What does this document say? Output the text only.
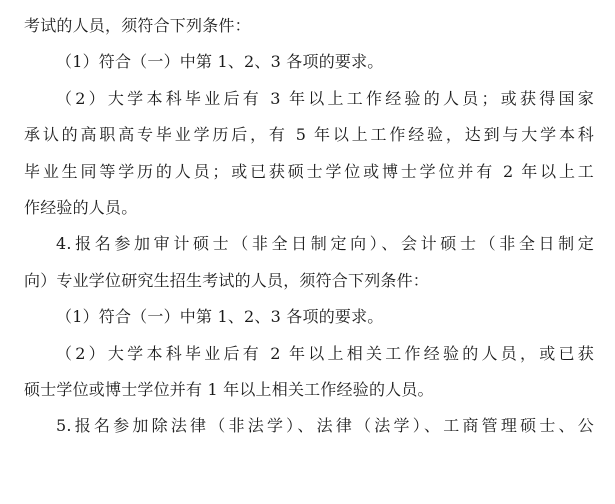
考试的人员，须符合下列条件：
（1）符合（一）中第 1、2、3 各项的要求。
（2）大学本科毕业后有 3 年以上工作经验的人员；或获得国家
承认的高职高专毕业学历后，有 5 年以上工作经验，达到与大学本科
毕业生同等学历的人员；或已获硕士学位或博士学位并有 2 年以上工
作经验的人员。
4.报名参加审计硕士（非全日制定向）、会计硕士（非全日制定
向）专业学位研究生招生考试的人员，须符合下列条件：
（1）符合（一）中第 1、2、3 各项的要求。
（2）大学本科毕业后有 2 年以上相关工作经验的人员，或已获
硕士学位或博士学位并有 1 年以上相关工作经验的人员。
5.报名参加除法律（非法学）、法律（法学）、工商管理硕士、公
